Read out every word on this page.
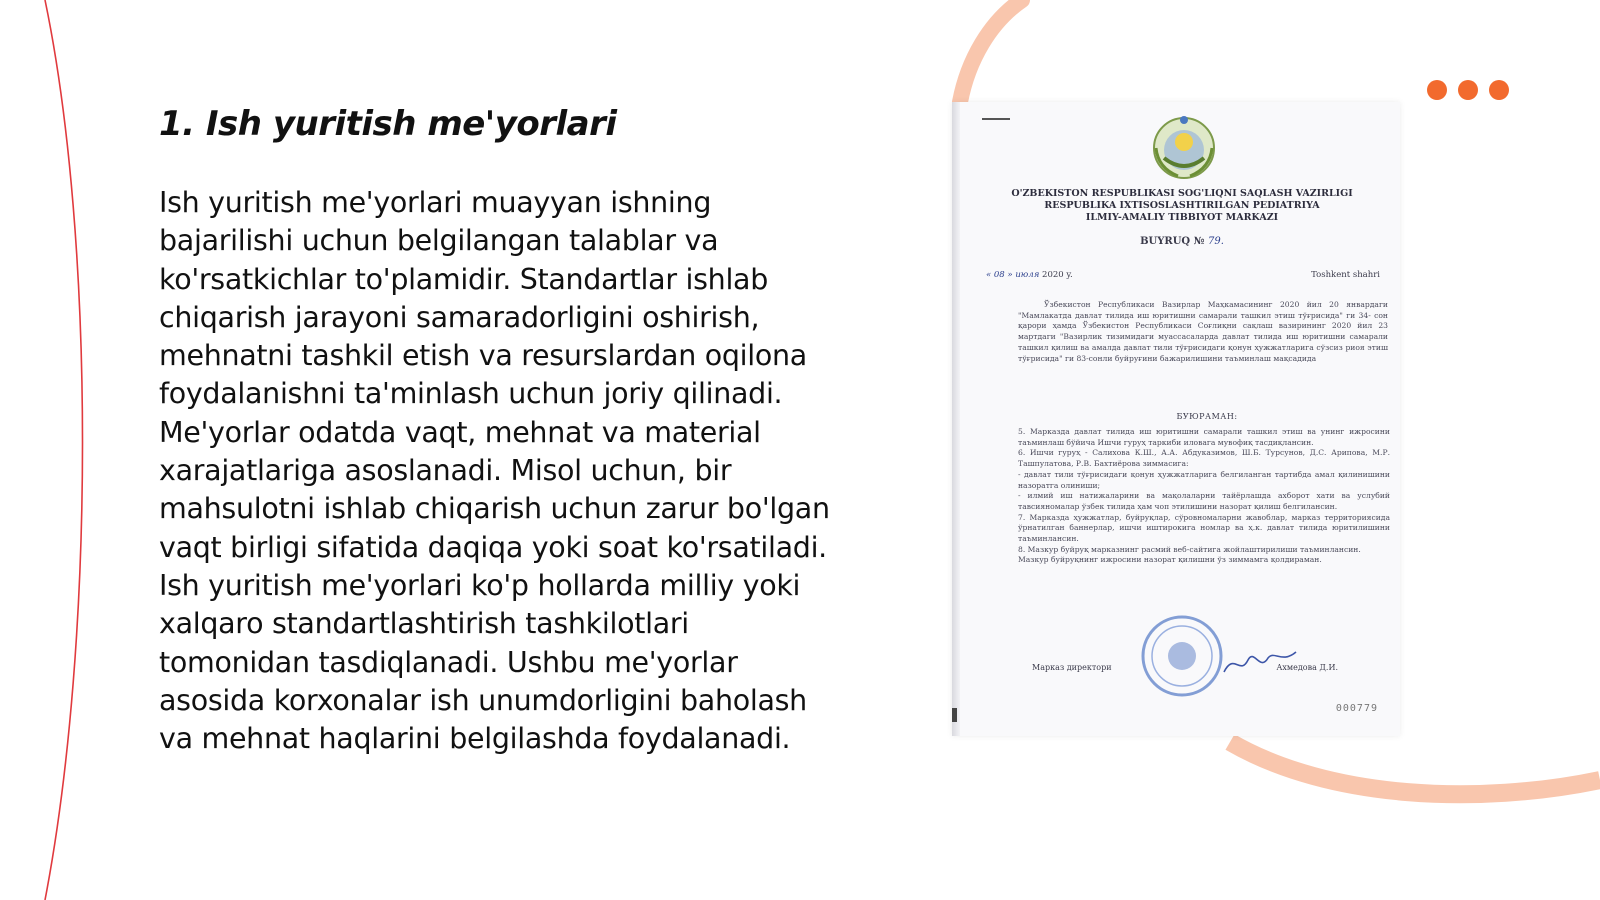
1. Ish yuritish me'yorlari

Ish yuritish me'yorlari muayyan ishning bajarilishi uchun belgilangan talablar va ko'rsatkichlar to'plamidir. Standartlar ishlab chiqarish jarayoni samaradorligini oshirish, mehnatni tashkil etish va resurslardan oqilona foydalanishni ta'minlash uchun joriy qilinadi. Me'yorlar odatda vaqt, mehnat va material xarajatlariga asoslanadi. Misol uchun, bir mahsulotni ishlab chiqarish uchun zarur bo'lgan vaqt birligi sifatida daqiqa yoki soat ko'rsatiladi. Ish yuritish me'yorlari ko'p hollarda milliy yoki xalqaro standartlashtirish tashkilotlari tomonidan tasdiqlanadi. Ushbu me'yorlar asosida korxonalar ish unumdorligini baholash va mehnat haqlarini belgilashda foydalanadi.

O'ZBEKISTON RESPUBLIKASI SOG'LIQNI SAQLASH VAZIRLIGI
RESPUBLIKA IXTISOSLASHTIRILGAN PEDIATRIYA
ILMIY-AMALIY TIBBIYOT MARKAZI
BUYRUQ № 79.
« 08 » июля 2020 y.	Toshkent shahri
Ўзбекистон Республикаси Вазирлар Маҳкамасининг 2020 йил 20 январдаги "Мамлакатда давлат тилида иш юритишни самарали ташкил этиш тўғрисида" ги 34- сон қарори ҳамда Ўзбекистон Республикаси Соғлиқни сақлаш вазирининг 2020 йил 23 мартдаги "Вазирлик тизимидаги муассасаларда давлат тилида иш юритишни самарали ташкил қилиш ва амалда давлат тили тўғрисидаги қонун ҳужжатларига сўзсиз риоя этиш тўғрисида" ги 83-сонли буйруғини бажарилишини таъминлаш мақсадида
БУЮРАМАН:
5. Марказда давлат тилида иш юритишни самарали ташкил этиш ва унинг ижросини таъминлаш бўйича Ишчи гуруҳ таркиби иловага мувофиқ тасдиқлансин.
6. Ишчи гуруҳ - Салихова К.Ш., А.А. Абдуказимов, Ш.Б. Турсунов, Д.С. Арипова, М.Р. Ташпулатова, Р.В. Бахтиёрова зиммасига:
- давлат тили тўғрисидаги қонун ҳужжатларига белгиланган тартибда амал қилинишини назоратга олиниши;
- илмий иш натижаларини ва мақолаларни тайёрлашда ахборот хати ва услубий тавсияномалар ўзбек тилида ҳам чоп этилишини назорат қилиш белгилансин.
7. Марказда ҳужжатлар, буйруқлар, сўровномаларни жавоблар, марказ территориясида ўрнатилган баннерлар, ишчи иштирокига номлар ва ҳ.к. давлат тилида юритилишини таъминлансин.
8. Мазкур буйруқ марказнинг расмий веб-сайтига жойлаштирилиши таъминлансин.
Мазкур буйруқнинг ижросини назорат қилишни ўз зиммамга қолдираман.
Марказ директори	Ахмедова Д.И.
000779
